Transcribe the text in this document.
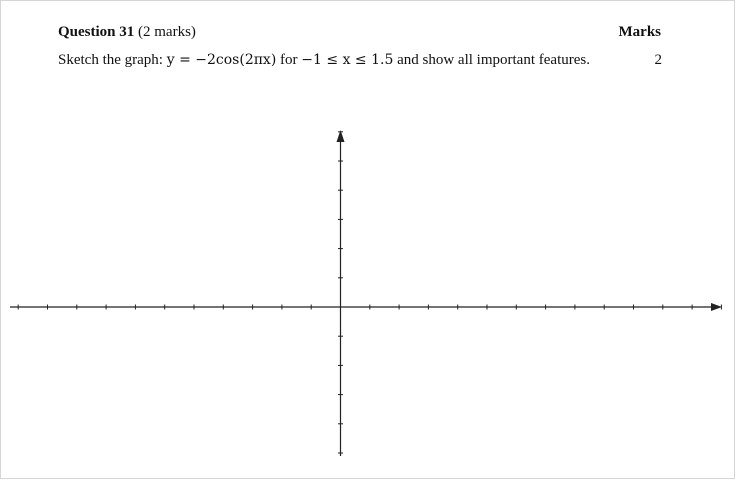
Question 31 (2 marks)	Marks
Sketch the graph: y = −2cos(2πx) for −1 ≤ x ≤ 1.5 and show all important features.	2
